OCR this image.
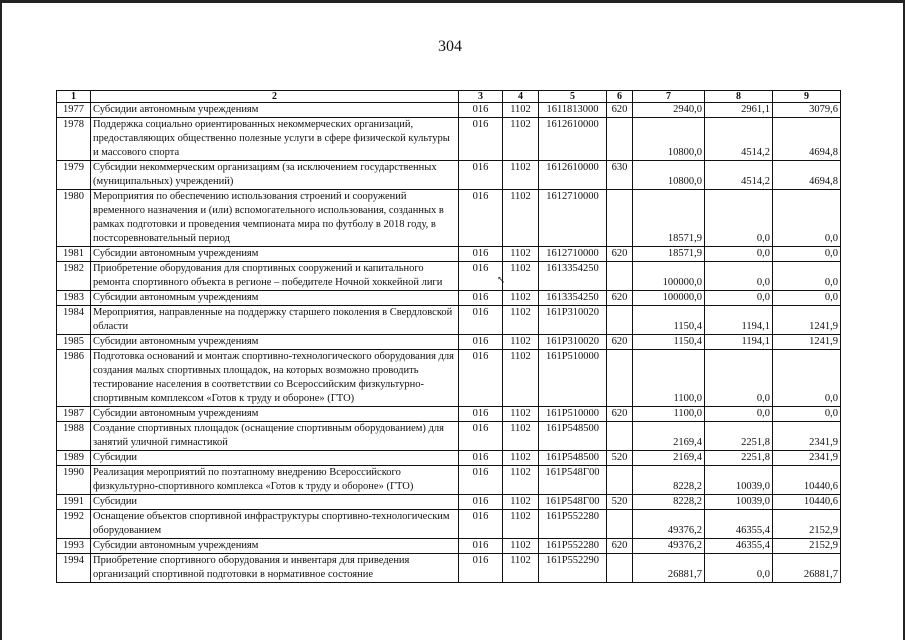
304
1	2	3	4	5	6	7	8	9
1977	Субсидии автономным учреждениям	016	1102	1611813000	620	2940,0	2961,1	3079,6
1978	Поддержка социально ориентированных некоммерческих организаций, предоставляющих общественно полезные услуги в сфере физической культуры и массового спорта	016	1102	1612610000		10800,0	4514,2	4694,8
1979	Субсидии некоммерческим организациям (за исключением государственных (муниципальных) учреждений)	016	1102	1612610000	630	10800,0	4514,2	4694,8
1980	Мероприятия по обеспечению использования строений и сооружений временного назначения и (или) вспомогательного использования, созданных в рамках подготовки и проведения чемпионата мира по футболу в 2018 году, в постсоревновательный период	016	1102	1612710000		18571,9	0,0	0,0
1981	Субсидии автономным учреждениям	016	1102	1612710000	620	18571,9	0,0	0,0
1982	Приобретение оборудования для спортивных сооружений и капитального ремонта спортивного объекта в регионе – победителе Ночной хоккейной лиги	016	1102	1613354250		100000,0	0,0	0,0
1983	Субсидии автономным учреждениям	016	1102	1613354250	620	100000,0	0,0	0,0
1984	Мероприятия, направленные на поддержку старшего поколения в Свердловской области	016	1102	161P310020		1150,4	1194,1	1241,9
1985	Субсидии автономным учреждениям	016	1102	161P310020	620	1150,4	1194,1	1241,9
1986	Подготовка оснований и монтаж спортивно-технологического оборудования для создания малых спортивных площадок, на которых возможно проводить тестирование населения в соответствии со Всероссийским физкультурно-спортивным комплексом «Готов к труду и обороне» (ГТО)	016	1102	161P510000		1100,0	0,0	0,0
1987	Субсидии автономным учреждениям	016	1102	161P510000	620	1100,0	0,0	0,0
1988	Создание спортивных площадок (оснащение спортивным оборудованием) для занятий уличной гимнастикой	016	1102	161P548500		2169,4	2251,8	2341,9
1989	Субсидии	016	1102	161P548500	520	2169,4	2251,8	2341,9
1990	Реализация мероприятий по поэтапному внедрению Всероссийского физкультурно-спортивного комплекса «Готов к труду и обороне» (ГТО)	016	1102	161P548Г00		8228,2	10039,0	10440,6
1991	Субсидии	016	1102	161P548Г00	520	8228,2	10039,0	10440,6
1992	Оснащение объектов спортивной инфраструктуры спортивно-технологическим оборудованием	016	1102	161P552280		49376,2	46355,4	2152,9
1993	Субсидии автономным учреждениям	016	1102	161P552280	620	49376,2	46355,4	2152,9
1994	Приобретение спортивного оборудования и инвентаря для приведения организаций спортивной подготовки в нормативное состояние	016	1102	161P552290		26881,7	0,0	26881,7
↖
